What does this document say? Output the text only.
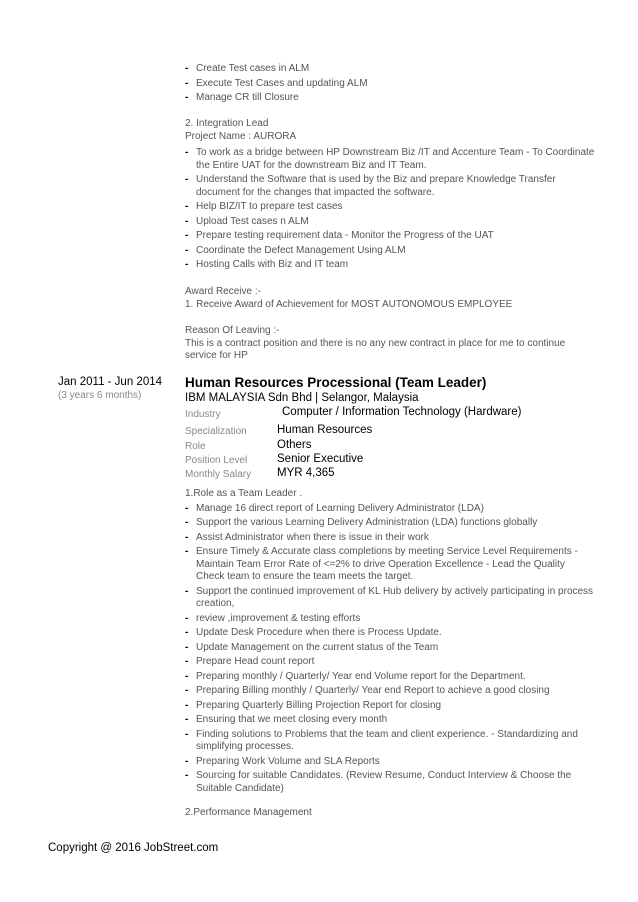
- Create Test cases in ALM
- Execute Test Cases and updating ALM
- Manage CR till Closure

2. Integration Lead

Project Name : AURORA

- To work as a bridge between HP Downstream Biz /IT and Accenture Team - To Coordinate the Entire UAT for the downstream Biz and IT Team.
- Understand the Software that is used by the Biz and prepare Knowledge Transfer document for the changes that impacted the software.
- Help BIZ/IT to prepare test cases
- Upload Test cases n ALM
- Prepare testing requirement data - Monitor the Progress of the UAT
- Coordinate the Defect Management Using ALM
- Hosting Calls with Biz and IT team

Award Receive :-

1. Receive Award of Achievement for MOST AUTONOMOUS EMPLOYEE

Reason Of Leaving :-

This is a contract position and there is no any new contract in place for me to continue service for HP

Jan 2011 - Jun 2014
(3 years 6 months)
Human Resources Processional (Team Leader)
IBM MALAYSIA Sdn Bhd | Selangor, Malaysia
Industry	Computer / Information Technology (Hardware)
Specialization	Human Resources
Role	Others
Position Level	Senior Executive
Monthly Salary MYR 4,365

1.Role as a Team Leader .

- Manage 16 direct report of Learning Delivery Administrator (LDA)
- Support the various Learning Delivery Administration (LDA) functions globally
- Assist Administrator when there is issue in their work
- Ensure Timely & Accurate class completions by meeting Service Level Requirements - Maintain Team Error Rate of <=2% to drive Operation Excellence - Lead the Quality Check team to ensure the team meets the target.
- Support the continued improvement of KL Hub delivery by actively participating in process creation,
- review ,improvement & testing efforts
- Update Desk Procedure when there is Process Update.
- Update Management on the current status of the Team
- Prepare Head count report
- Preparing monthly / Quarterly/ Year end Volume report for the Department.
- Preparing Billing monthly / Quarterly/ Year end Report to achieve a good closing
- Preparing Quarterly Billing Projection Report for closing
- Ensuring that we meet closing every month
- Finding solutions to Problems that the team and client experience. - Standardizing and simplifying processes.
- Preparing Work Volume and SLA Reports
- Sourcing for suitable Candidates. (Review Resume, Conduct Interview & Choose the Suitable Candidate)

2.Performance Management

Copyright @ 2016 JobStreet.com
